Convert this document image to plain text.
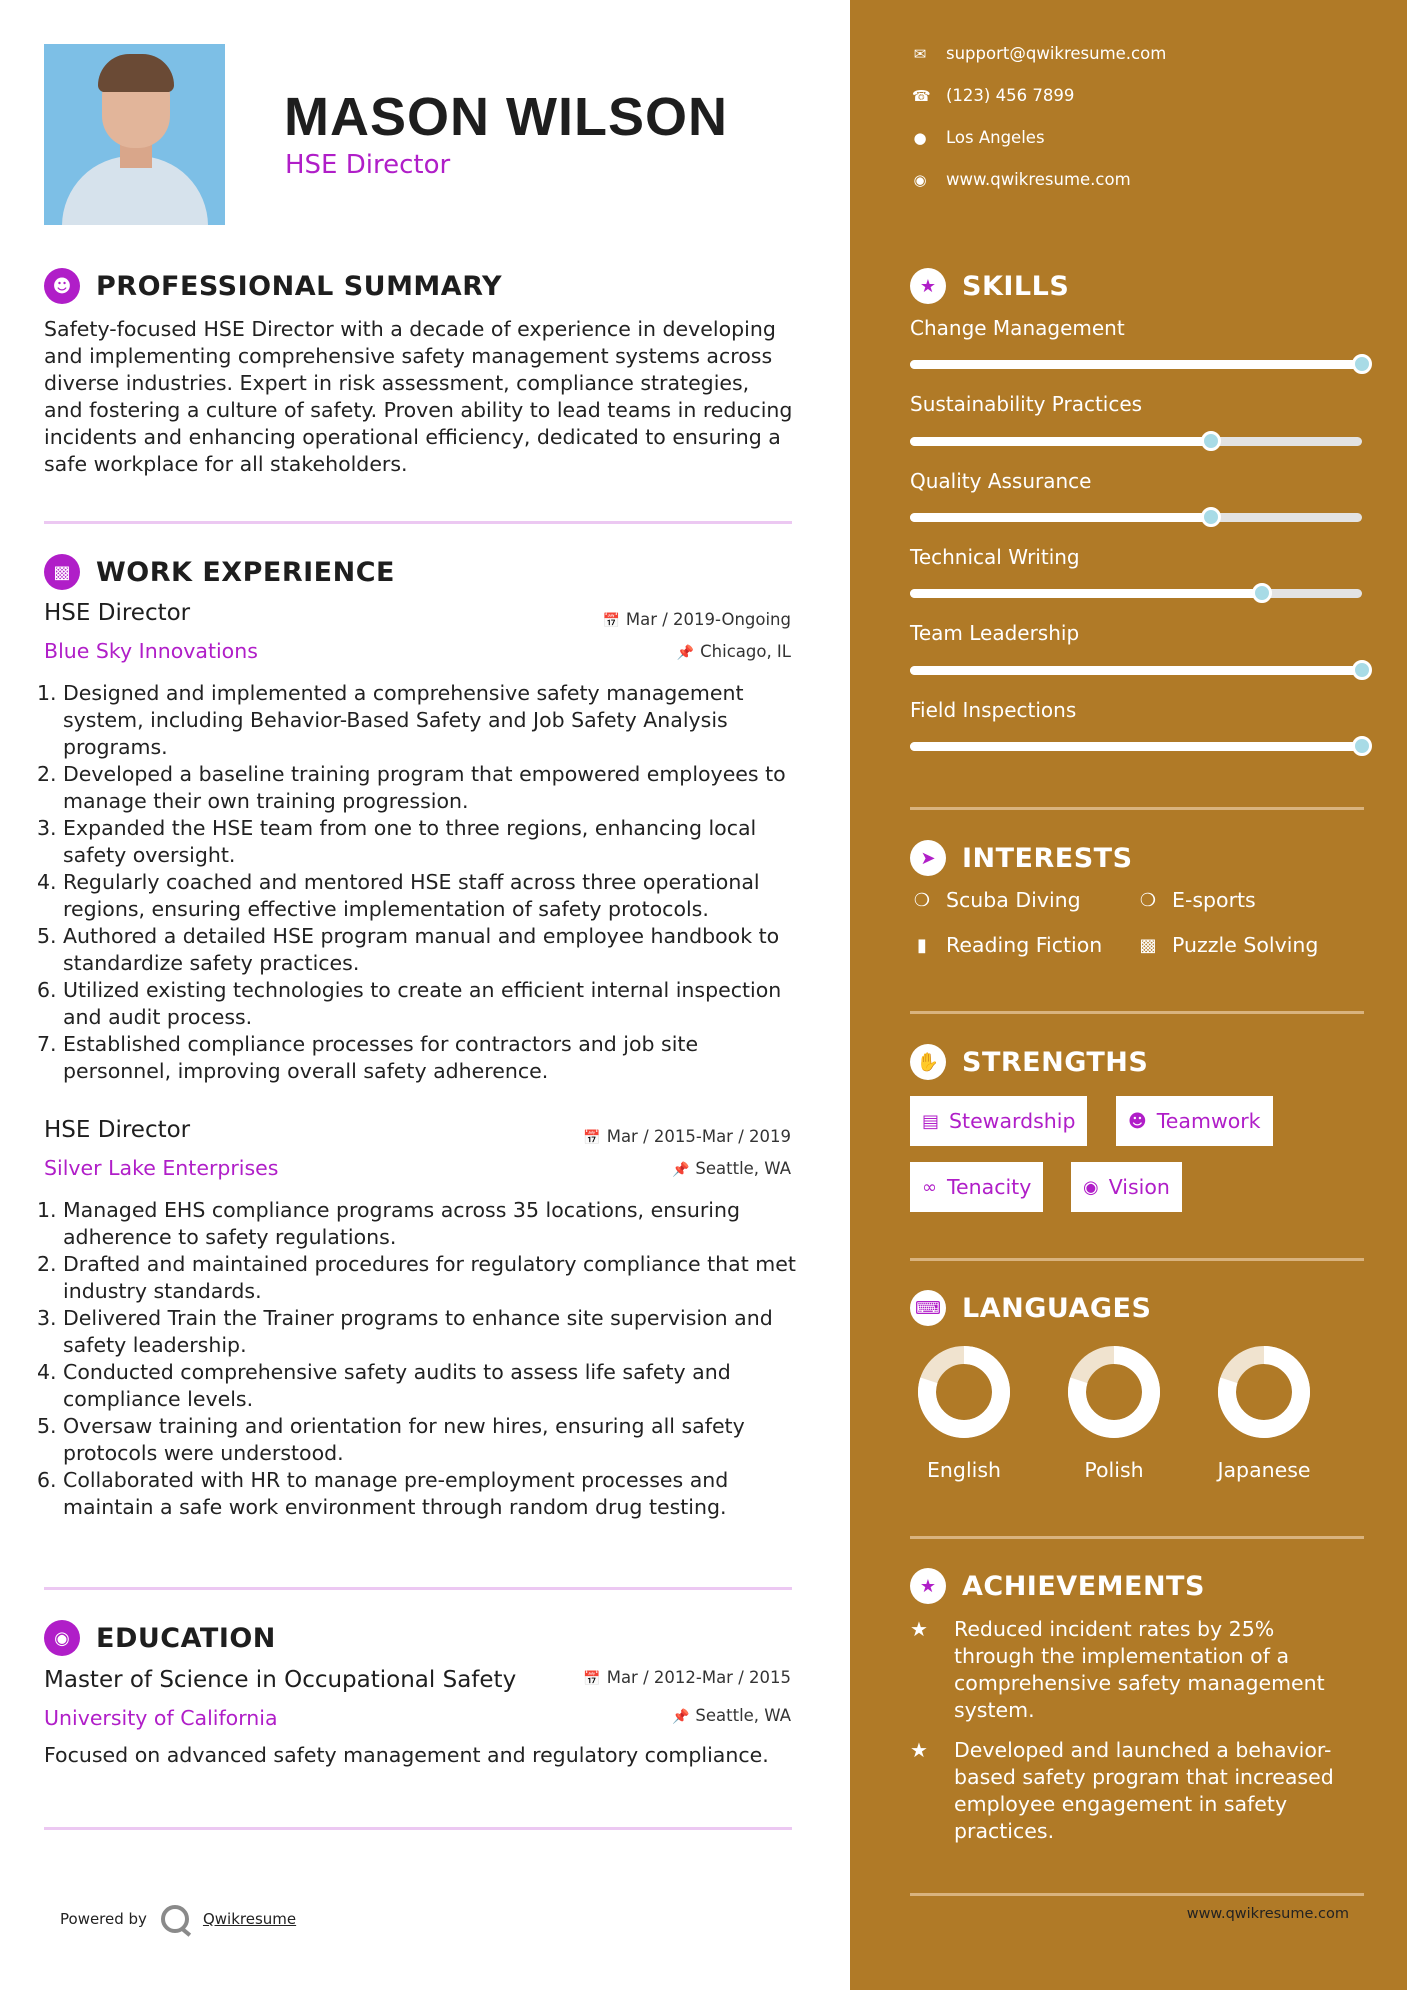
MASON WILSON
HSE Director
☻ PROFESSIONAL SUMMARY
Safety-focused HSE Director with a decade of experience in developing and implementing comprehensive safety management systems across diverse industries. Expert in risk assessment, compliance strategies, and fostering a culture of safety. Proven ability to lead teams in reducing incidents and enhancing operational efficiency, dedicated to ensuring a safe workplace for all stakeholders.
▩ WORK EXPERIENCE
HSE Director	📅 Mar / 2019-Ongoing
Blue Sky Innovations	📌 Chicago, IL
1. Designed and implemented a comprehensive safety management system, including Behavior-Based Safety and Job Safety Analysis programs.
2. Developed a baseline training program that empowered employees to manage their own training progression.
3. Expanded the HSE team from one to three regions, enhancing local safety oversight.
4. Regularly coached and mentored HSE staff across three operational regions, ensuring effective implementation of safety protocols.
5. Authored a detailed HSE program manual and employee handbook to standardize safety practices.
6. Utilized existing technologies to create an efficient internal inspection and audit process.
7. Established compliance processes for contractors and job site personnel, improving overall safety adherence.
HSE Director	📅 Mar / 2015-Mar / 2019
Silver Lake Enterprises	📌 Seattle, WA
1. Managed EHS compliance programs across 35 locations, ensuring adherence to safety regulations.
2. Drafted and maintained procedures for regulatory compliance that met industry standards.
3. Delivered Train the Trainer programs to enhance site supervision and safety leadership.
4. Conducted comprehensive safety audits to assess life safety and compliance levels.
5. Oversaw training and orientation for new hires, ensuring all safety protocols were understood.
6. Collaborated with HR to manage pre-employment processes and maintain a safe work environment through random drug testing.
◉ EDUCATION
Master of Science in Occupational Safety	📅 Mar / 2012-Mar / 2015
University of California	📌 Seattle, WA
Focused on advanced safety management and regulatory compliance.
Powered by	Qwikresume
✉ support@qwikresume.com
☎ (123) 456 7899
● Los Angeles
◉ www.qwikresume.com
★ SKILLS
Change Management
Sustainability Practices
Quality Assurance
Technical Writing
Team Leadership
Field Inspections
➤ INTERESTS
❍ Scuba Diving	❍ E-sports
▮ Reading Fiction ▩ Puzzle Solving
✋ STRENGTHS
▤ Stewardship	☻ Teamwork
∞ Tenacity	◉ Vision
⌨ LANGUAGES
English	Polish	Japanese
★ ACHIEVEMENTS
★	Reduced incident rates by 25% through the implementation of a comprehensive safety management system.
★	Developed and launched a behavior-based safety program that increased employee engagement in safety practices.
www.qwikresume.com
